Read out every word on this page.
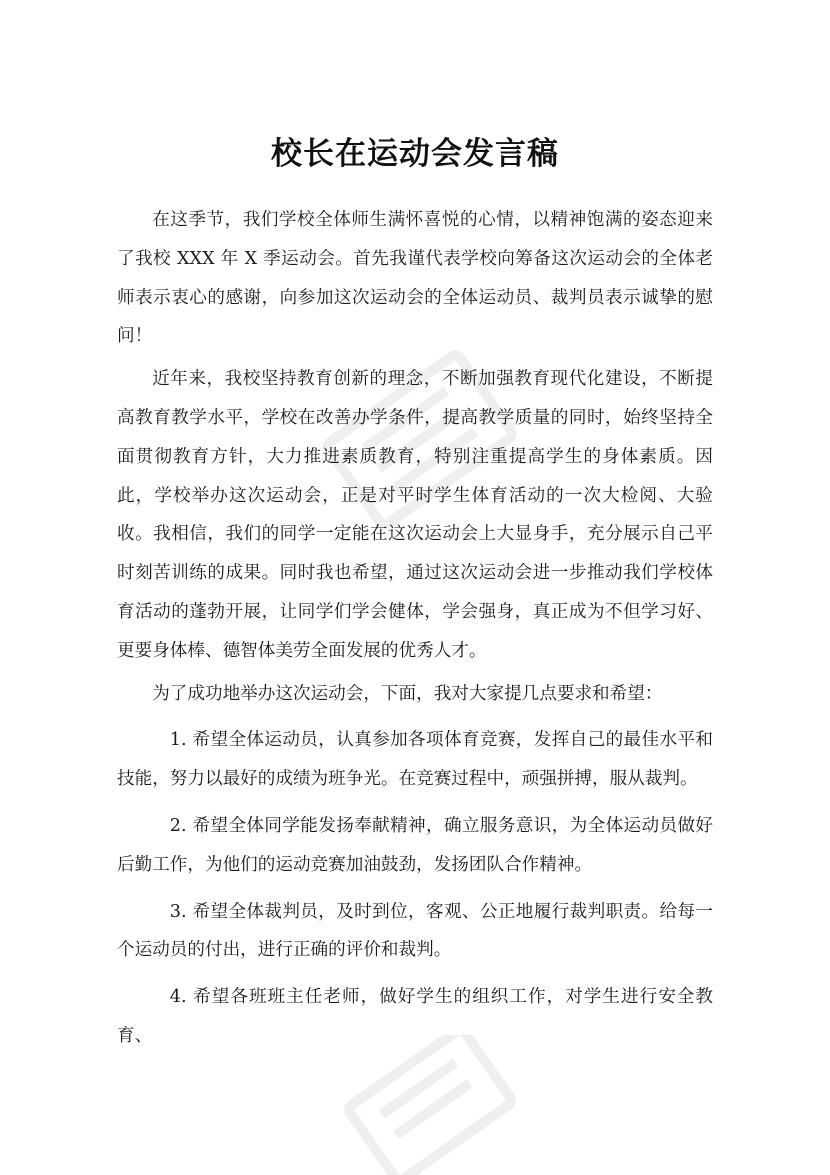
校长在运动会发言稿

在这季节，我们学校全体师生满怀喜悦的心情，以精神饱满的姿态迎来了我校 XXX 年 X 季运动会。首先我谨代表学校向筹备这次运动会的全体老师表示衷心的感谢，向参加这次运动会的全体运动员、裁判员表示诚挚的慰问！

近年来，我校坚持教育创新的理念，不断加强教育现代化建设，不断提高教育教学水平，学校在改善办学条件，提高教学质量的同时，始终坚持全面贯彻教育方针，大力推进素质教育，特别注重提高学生的身体素质。因此，学校举办这次运动会，正是对平时学生体育活动的一次大检阅、大验收。我相信，我们的同学一定能在这次运动会上大显身手，充分展示自己平时刻苦训练的成果。同时我也希望，通过这次运动会进一步推动我们学校体育活动的蓬勃开展，让同学们学会健体，学会强身，真正成为不但学习好、更要身体棒、德智体美劳全面发展的优秀人才。

为了成功地举办这次运动会，下面，我对大家提几点要求和希望：

1. 希望全体运动员，认真参加各项体育竞赛，发挥自己的最佳水平和技能，努力以最好的成绩为班争光。在竞赛过程中，顽强拼搏，服从裁判。

2. 希望全体同学能发扬奉献精神，确立服务意识，为全体运动员做好后勤工作，为他们的运动竞赛加油鼓劲，发扬团队合作精神。

3. 希望全体裁判员，及时到位，客观、公正地履行裁判职责。给每一个运动员的付出，进行正确的评价和裁判。

4. 希望各班班主任老师，做好学生的组织工作，对学生进行安全教育、
